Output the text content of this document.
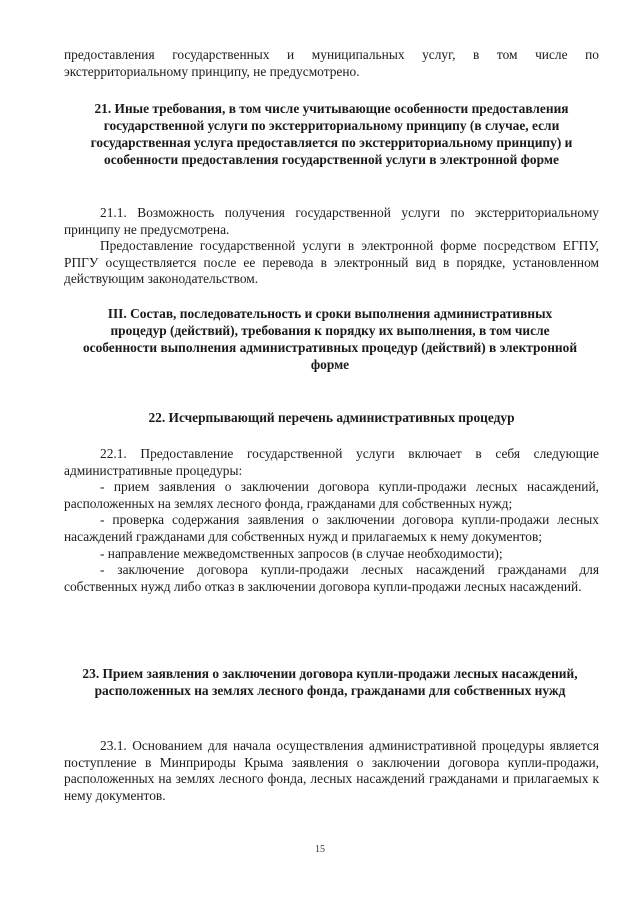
предоставления государственных и муниципальных услуг, в том числе по экстерриториальному принципу, не предусмотрено.

21. Иные требования, в том числе учитывающие особенности предоставления государственной услуги по экстерриториальному принципу (в случае, если государственная услуга предоставляется по экстерриториальному принципу) и особенности предоставления государственной услуги в электронной форме

21.1. Возможность получения государственной услуги по экстерриториальному принципу не предусмотрена.

Предоставление государственной услуги в электронной форме посредством ЕГПУ, РПГУ осуществляется после ее перевода в электронный вид в порядке, установленном действующим законодательством.

III. Состав, последовательность и сроки выполнения административных процедур (действий), требования к порядку их выполнения, в том числе особенности выполнения административных процедур (действий) в электронной форме
22. Исчерпывающий перечень административных процедур

22.1. Предоставление государственной услуги включает в себя следующие административные процедуры:

- прием заявления о заключении договора купли-продажи лесных насаждений, расположенных на землях лесного фонда, гражданами для собственных нужд;

- проверка содержания заявления о заключении договора купли-продажи лесных насаждений гражданами для собственных нужд и прилагаемых к нему документов;

- направление межведомственных запросов (в случае необходимости);

- заключение договора купли-продажи лесных насаждений гражданами для собственных нужд либо отказ в заключении договора купли-продажи лесных насаждений.

23. Прием заявления о заключении договора купли-продажи лесных насаждений, расположенных на землях лесного фонда, гражданами для собственных нужд

23.1. Основанием для начала осуществления административной процедуры является поступление в Минприроды Крыма заявления о заключении договора купли-продажи, расположенных на землях лесного фонда, лесных насаждений гражданами и прилагаемых к нему документов.

15
